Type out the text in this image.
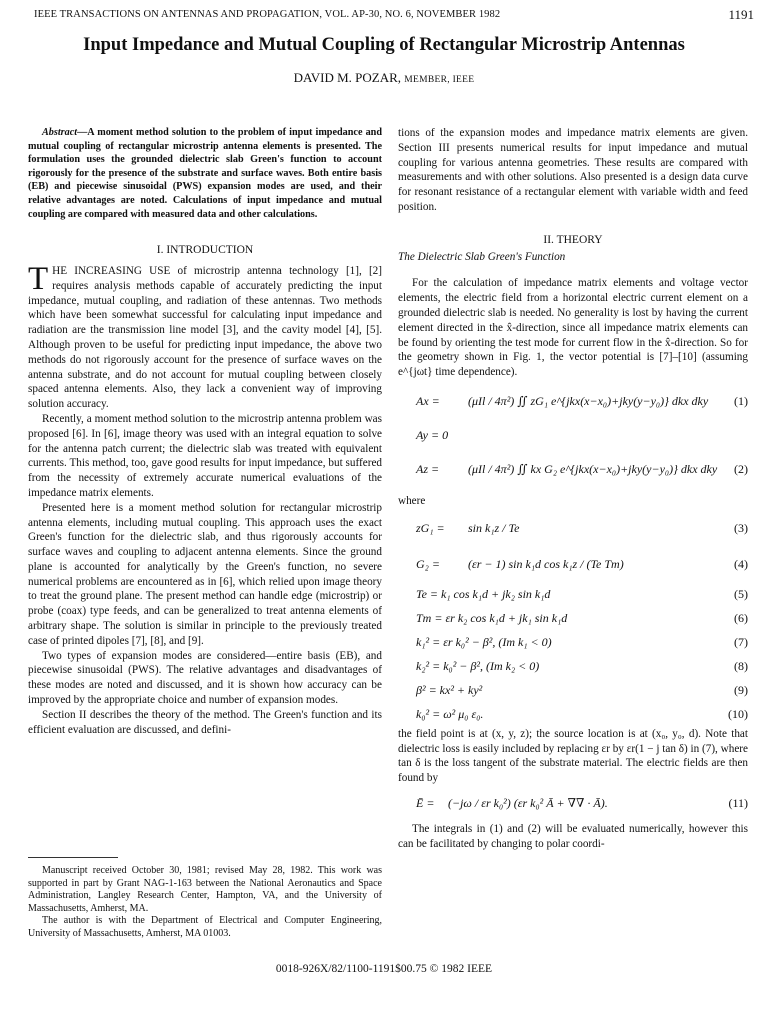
IEEE TRANSACTIONS ON ANTENNAS AND PROPAGATION, VOL. AP-30, NO. 6, NOVEMBER 1982	1191
Input Impedance and Mutual Coupling of Rectangular Microstrip Antennas
DAVID M. POZAR, MEMBER, IEEE

Abstract—A moment method solution to the problem of input impedance and mutual coupling of rectangular microstrip antenna elements is presented. The formulation uses the grounded dielectric slab Green's function to account rigorously for the presence of the substrate and surface waves. Both entire basis (EB) and piecewise sinusoidal (PWS) expansion modes are used, and their relative advantages are noted. Calculations of input impedance and mutual coupling are compared with measured data and other calculations.

I. INTRODUCTION

THE INCREASING USE of microstrip antenna technology [1], [2] requires analysis methods capable of accurately predicting the input impedance, mutual coupling, and radiation of these antennas. Two methods which have been somewhat successful for calculating input impedance and radiation are the transmission line model [3], and the cavity model [4], [5]. Although proven to be useful for predicting input impedance, the above two methods do not rigorously account for the presence of surface waves on the antenna substrate, and do not account for mutual coupling between closely spaced antenna elements. Also, they lack a convenient way of improving solution accuracy.

Recently, a moment method solution to the microstrip antenna problem was proposed [6]. In [6], image theory was used with an integral equation to solve for the antenna patch current; the dielectric slab was treated with equivalent currents. This method, too, gave good results for input impedance, but suffered from the necessity of extremely accurate numerical evaluations of the impedance matrix elements.

Presented here is a moment method solution for rectangular microstrip antenna elements, including mutual coupling. This approach uses the exact Green's function for the dielectric slab, and thus rigorously accounts for surface waves and coupling to adjacent antenna elements. Since the ground plane is accounted for analytically by the Green's function, no severe numerical problems are encountered as in [6], which relied upon image theory to treat the ground plane. The present method can handle edge (microstrip) or probe (coax) type feeds, and can be generalized to treat antenna elements of arbitrary shape. The solution is similar in principle to the previously treated case of printed dipoles [7], [8], and [9].

Two types of expansion modes are considered—entire basis (EB), and piecewise sinusoidal (PWS). The relative advantages and disadvantages of these modes are noted and discussed, and it is shown how accuracy can be improved by the appropriate choice and number of expansion modes.

Section II describes the theory of the method. The Green's function and its efficient evaluation are discussed, and defini-

Manuscript received October 30, 1981; revised May 28, 1982. This work was supported in part by Grant NAG-1-163 between the National Aeronautics and Space Administration, Langley Research Center, Hampton, VA, and the University of Massachusetts, Amherst, MA.

The author is with the Department of Electrical and Computer Engineering, University of Massachusetts, Amherst, MA 01003.

tions of the expansion modes and impedance matrix elements are given. Section III presents numerical results for input impedance and mutual coupling for various antenna geometries. These results are compared with measurements and with other solutions. Also presented is a design data curve for resonant resistance of a rectangular element with variable width and feed position.

II. THEORY

The Dielectric Slab Green's Function

For the calculation of impedance matrix elements and voltage vector elements, the electric field from a horizontal electric current element on a grounded dielectric slab is needed. No generality is lost by having the current element directed in the x̂-direction, since all impedance matrix elements can be found by orienting the test mode for current flow in the x̂-direction. So for the geometry shown in Fig. 1, the vector potential is [7]–[10] (assuming e^{jωt} time dependence).

Ax = (μIl / 4π²) ∬ zG₁ e^{jkx(x−x₀)+jky(y−y₀)} dkx dky (1)
Ay = 0
Az = (μIl / 4π²) ∬ kx G₂ e^{jkx(x−x₀)+jky(y−y₀)} dkx dky (2)

where

zG₁ = sin k₁z / Te	(3)
G₂ = (εr − 1) sin k₁d cos k₁z / (Te Tm)	(4)
Te = k₁ cos k₁d + jk₂ sin k₁d	(5)
Tm = εr k₂ cos k₁d + jk₁ sin k₁d	(6)
k₁² = εr k₀² − β², (Im k₁ < 0)	(7)
k₂² = k₀² − β², (Im k₂ < 0)	(8)
β² = kx² + ky²	(9)
k₀² = ω² μ₀ ε₀.	(10)

the field point is at (x, y, z); the source location is at (x₀, y₀, d). Note that dielectric loss is easily included by replacing εr by εr(1 − j tan δ) in (7), where tan δ is the loss tangent of the substrate material. The electric fields are then found by

Ē = (−jω / εr k₀²) (εr k₀² Ā + ∇∇ · Ā).	(11)

The integrals in (1) and (2) will be evaluated numerically, however this can be facilitated by changing to polar coordi-

0018-926X/82/1100-1191$00.75 © 1982 IEEE
